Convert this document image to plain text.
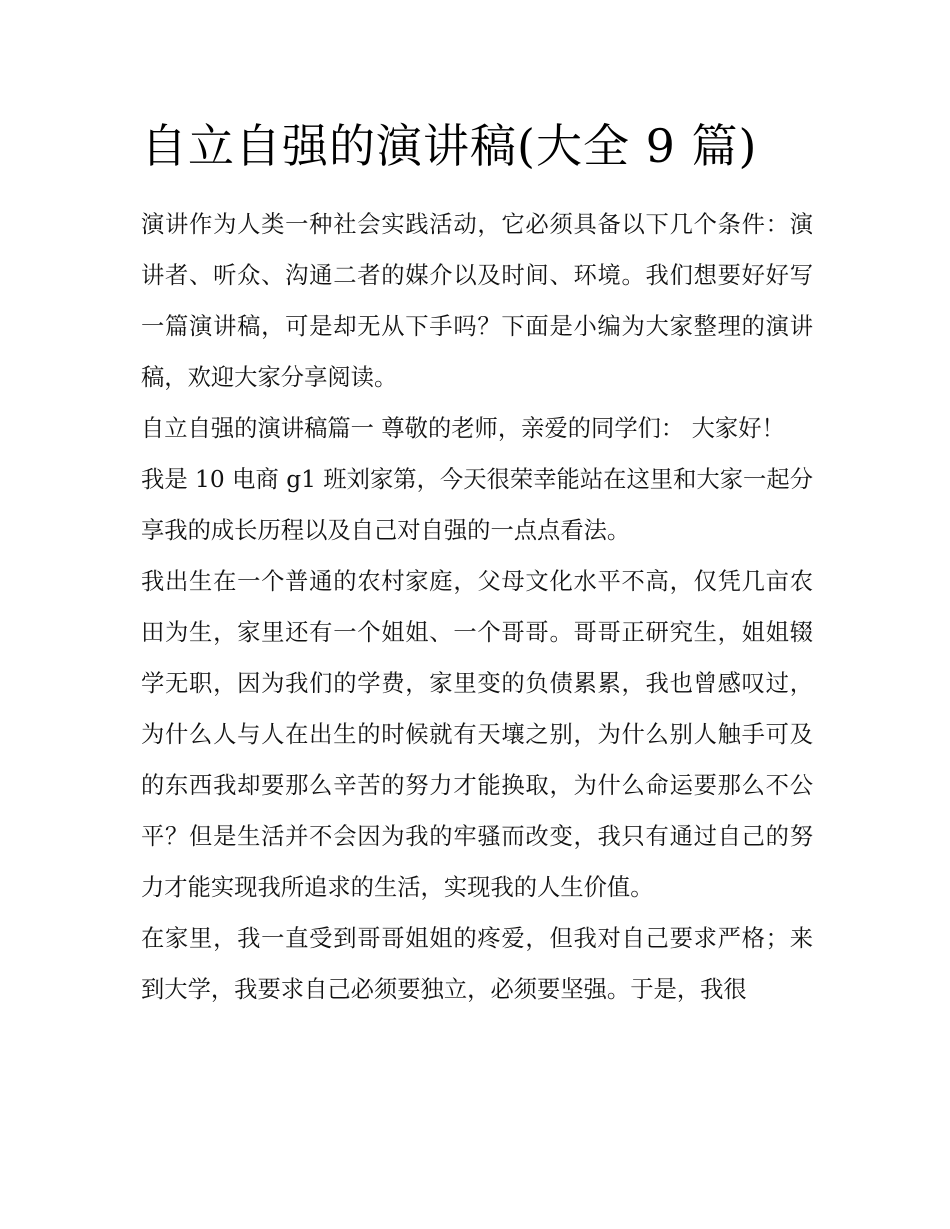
自立自强的演讲稿(大全 9 篇)

演讲作为人类一种社会实践活动，它必须具备以下几个条件：演讲者、听众、沟通二者的媒介以及时间、环境。我们想要好好写一篇演讲稿，可是却无从下手吗？下面是小编为大家整理的演讲稿，欢迎大家分享阅读。

自立自强的演讲稿篇一 尊敬的老师，亲爱的同学们： 大家好！

我是 10 电商 g1 班刘家第，今天很荣幸能站在这里和大家一起分享我的成长历程以及自己对自强的一点点看法。

我出生在一个普通的农村家庭，父母文化水平不高，仅凭几亩农田为生，家里还有一个姐姐、一个哥哥。哥哥正研究生，姐姐辍学无职，因为我们的学费，家里变的负债累累，我也曾感叹过，为什么人与人在出生的时候就有天壤之别，为什么别人触手可及的东西我却要那么辛苦的努力才能换取，为什么命运要那么不公平？但是生活并不会因为我的牢骚而改变，我只有通过自己的努力才能实现我所追求的生活，实现我的人生价值。

在家里，我一直受到哥哥姐姐的疼爱，但我对自己要求严格；来到大学，我要求自己必须要独立，必须要坚强。于是，我很
